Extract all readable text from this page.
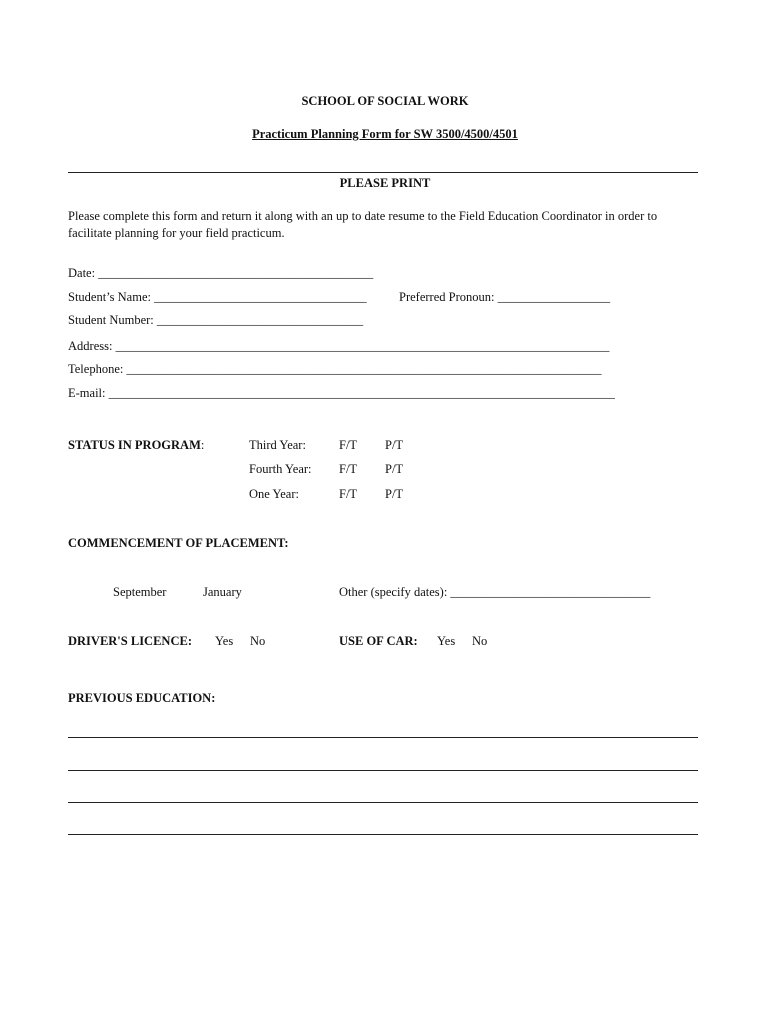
SCHOOL OF SOCIAL WORK
Practicum Planning Form for SW 3500/4500/4501
PLEASE PRINT
Please complete this form and return it along with an up to date resume to the Field Education Coordinator in order to facilitate planning for your field practicum.
Date: ____________________________________________
Student’s Name: __________________________________	Preferred Pronoun: __________________
Student Number: _________________________________
Address: _______________________________________________________________________________
Telephone: ____________________________________________________________________________
E-mail: _________________________________________________________________________________
STATUS IN PROGRAM:	Third Year:	F/T P/T
Fourth Year: F/T P/T
One Year:	F/T P/T
COMMENCEMENT OF PLACEMENT:
September	January	Other (specify dates): ________________________________
DRIVER'S LICENCE: Yes No	USE OF CAR: Yes No
PREVIOUS EDUCATION:
